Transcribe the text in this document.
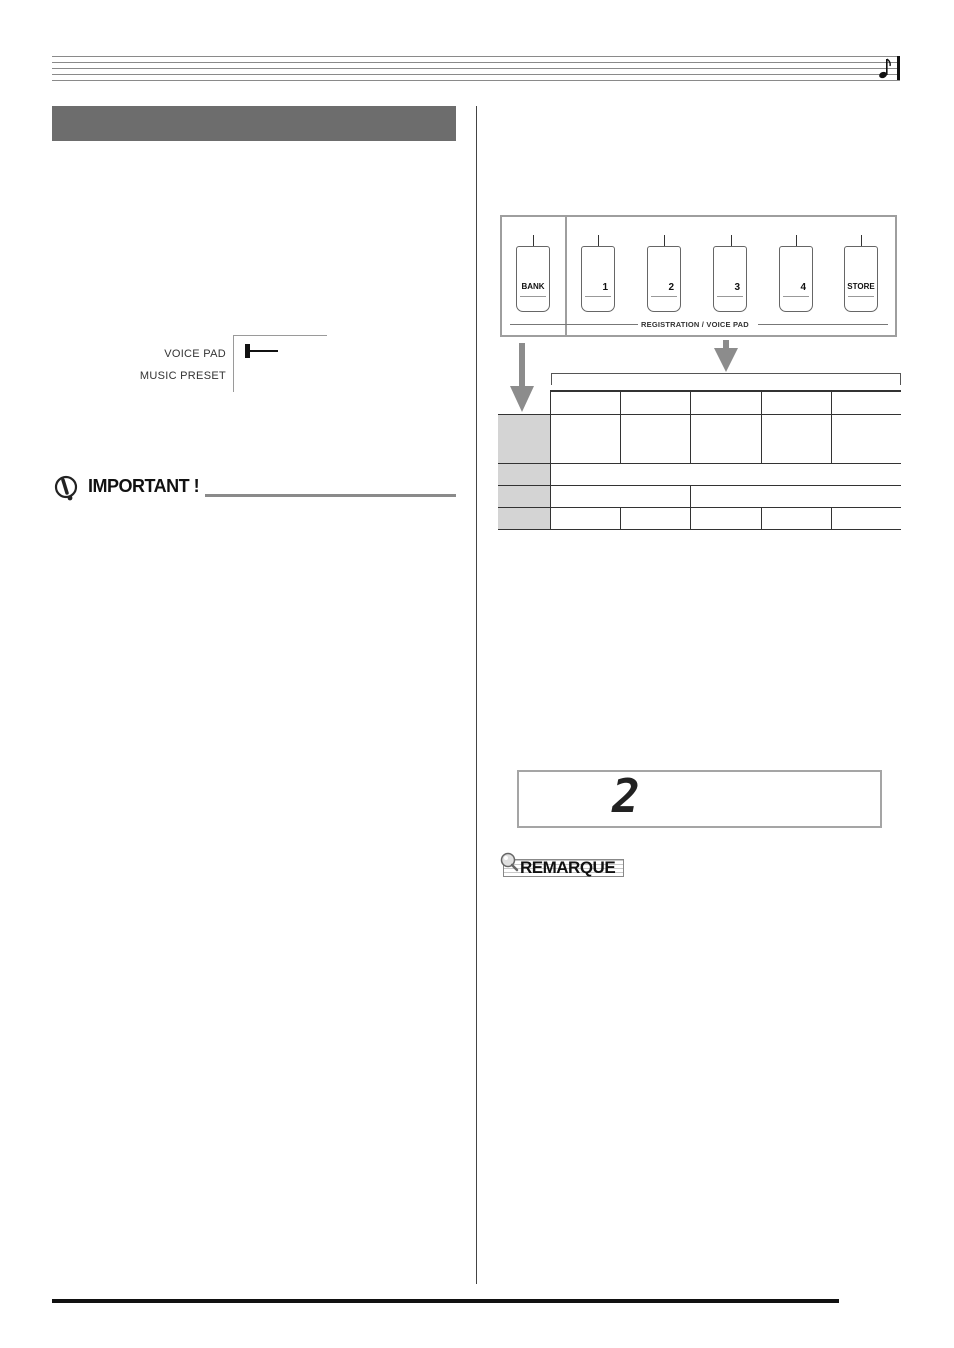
VOICE PAD
MUSIC PRESET
IMPORTANT !
BANK	1	2	3	4	STORE
REGISTRATION / VOICE PAD
2
REMARQUE
